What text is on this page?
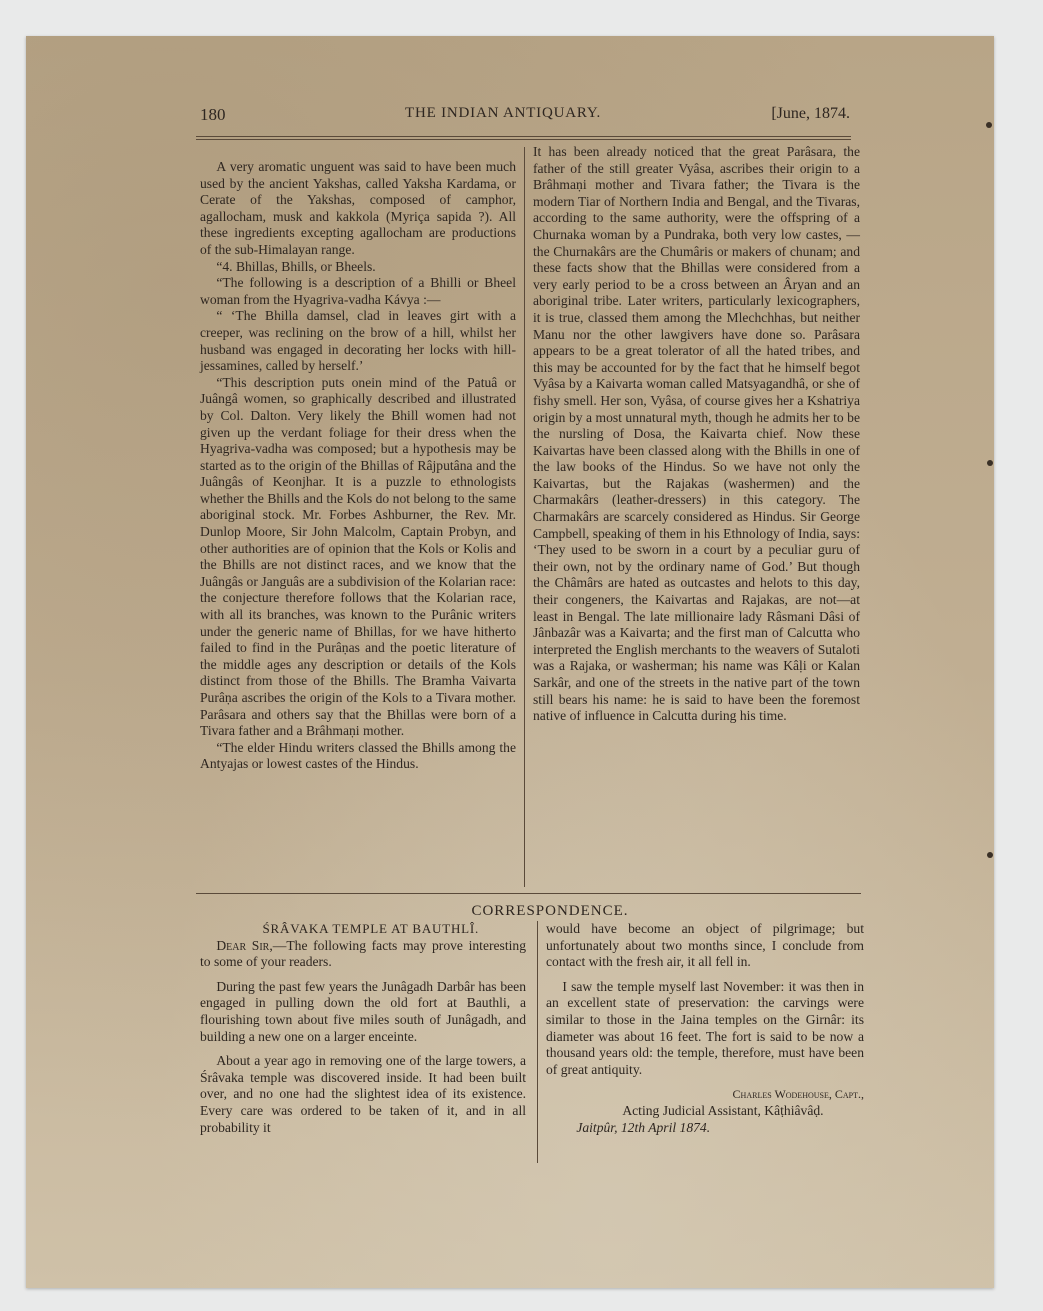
180	THE INDIAN ANTIQUARY.	[June, 1874.

A very aromatic unguent was said to have been much used by the ancient Yakshas, called Yaksha Kardama, or Cerate of the Yakshas, composed of camphor, agallocham, musk and kakkola (Myriça sapida ?). All these ingredients excepting agallocham are productions of the sub-Himalayan range.

“4. Bhillas, Bhills, or Bheels.

“The following is a description of a Bhilli or Bheel woman from the Hyagriva-vadha Kávya :—

“ ‘The Bhilla damsel, clad in leaves girt with a creeper, was reclining on the brow of a hill, whilst her husband was engaged in decorating her locks with hill-jessamines, called by herself.’

“This description puts onein mind of the Patuâ or Juângâ women, so graphically described and illustrated by Col. Dalton. Very likely the Bhill women had not given up the verdant foliage for their dress when the Hyagriva-vadha was composed; but a hypothesis may be started as to the origin of the Bhillas of Râjputâna and the Juângâs of Keonjhar. It is a puzzle to ethnologists whether the Bhills and the Kols do not belong to the same aboriginal stock. Mr. Forbes Ashburner, the Rev. Mr. Dunlop Moore, Sir John Malcolm, Captain Probyn, and other authorities are of opinion that the Kols or Kolis and the Bhills are not distinct races, and we know that the Juângâs or Janguâs are a subdivision of the Kolarian race: the conjecture therefore follows that the Kolarian race, with all its branches, was known to the Purânic writers under the generic name of Bhillas, for we have hitherto failed to find in the Purâṇas and the poetic literature of the middle ages any description or details of the Kols distinct from those of the Bhills. The Bramha Vaivarta Purâṇa ascribes the origin of the Kols to a Tivara mother. Parâsara and others say that the Bhillas were born of a Tivara father and a Brâhmaṇi mother.

“The elder Hindu writers classed the Bhills among the Antyajas or lowest castes of the Hindus.

It has been already noticed that the great Parâsara, the father of the still greater Vyâsa, ascribes their origin to a Brâhmaṇi mother and Tivara father; the Tivara is the modern Tiar of Northern India and Bengal, and the Tivaras, according to the same authority, were the offspring of a Churnaka woman by a Pundraka, both very low castes, —the Churnakârs are the Chumâris or makers of chunam; and these facts show that the Bhillas were considered from a very early period to be a cross between an Âryan and an aboriginal tribe. Later writers, particularly lexicographers, it is true, classed them among the Mlechchhas, but neither Manu nor the other lawgivers have done so. Parâsara appears to be a great tolerator of all the hated tribes, and this may be accounted for by the fact that he himself begot Vyâsa by a Kaivarta woman called Matsyagandhâ, or she of fishy smell. Her son, Vyâsa, of course gives her a Kshatriya origin by a most unnatural myth, though he admits her to be the nursling of Dosa, the Kaivarta chief. Now these Kaivartas have been classed along with the Bhills in one of the law books of the Hindus. So we have not only the Kaivartas, but the Rajakas (washermen) and the Charmakârs (leather-dressers) in this category. The Charmakârs are scarcely considered as Hindus. Sir George Campbell, speaking of them in his Ethnology of India, says: ‘They used to be sworn in a court by a peculiar guru of their own, not by the ordinary name of God.’ But though the Châmârs are hated as outcastes and helots to this day, their congeners, the Kaivartas and Rajakas, are not—at least in Bengal. The late millionaire lady Râsmani Dâsi of Jânbazâr was a Kaivarta; and the first man of Calcutta who interpreted the English merchants to the weavers of Sutaloti was a Rajaka, or washerman; his name was Kâḷi or Kalan Sarkâr, and one of the streets in the native part of the town still bears his name: he is said to have been the foremost native of influence in Calcutta during his time.

CORRESPONDENCE.

ŚRÂVAKA TEMPLE AT BAUTHLÎ.

Dear Sir,—The following facts may prove interesting to some of your readers.

During the past few years the Junâgadh Darbâr has been engaged in pulling down the old fort at Bauthli, a flourishing town about five miles south of Junâgadh, and building a new one on a larger enceinte.

About a year ago in removing one of the large towers, a Śrâvaka temple was discovered inside. It had been built over, and no one had the slightest idea of its existence. Every care was ordered to be taken of it, and in all probability it

would have become an object of pilgrimage; but unfortunately about two months since, I conclude from contact with the fresh air, it all fell in.

I saw the temple myself last November: it was then in an excellent state of preservation: the carvings were similar to those in the Jaina temples on the Girnâr: its diameter was about 16 feet. The fort is said to be now a thousand years old: the temple, therefore, must have been of great antiquity.

Charles Wodehouse, Capt.,

Acting Judicial Assistant, Kâṭhiâvâḍ.

Jaitpûr, 12th April 1874.
